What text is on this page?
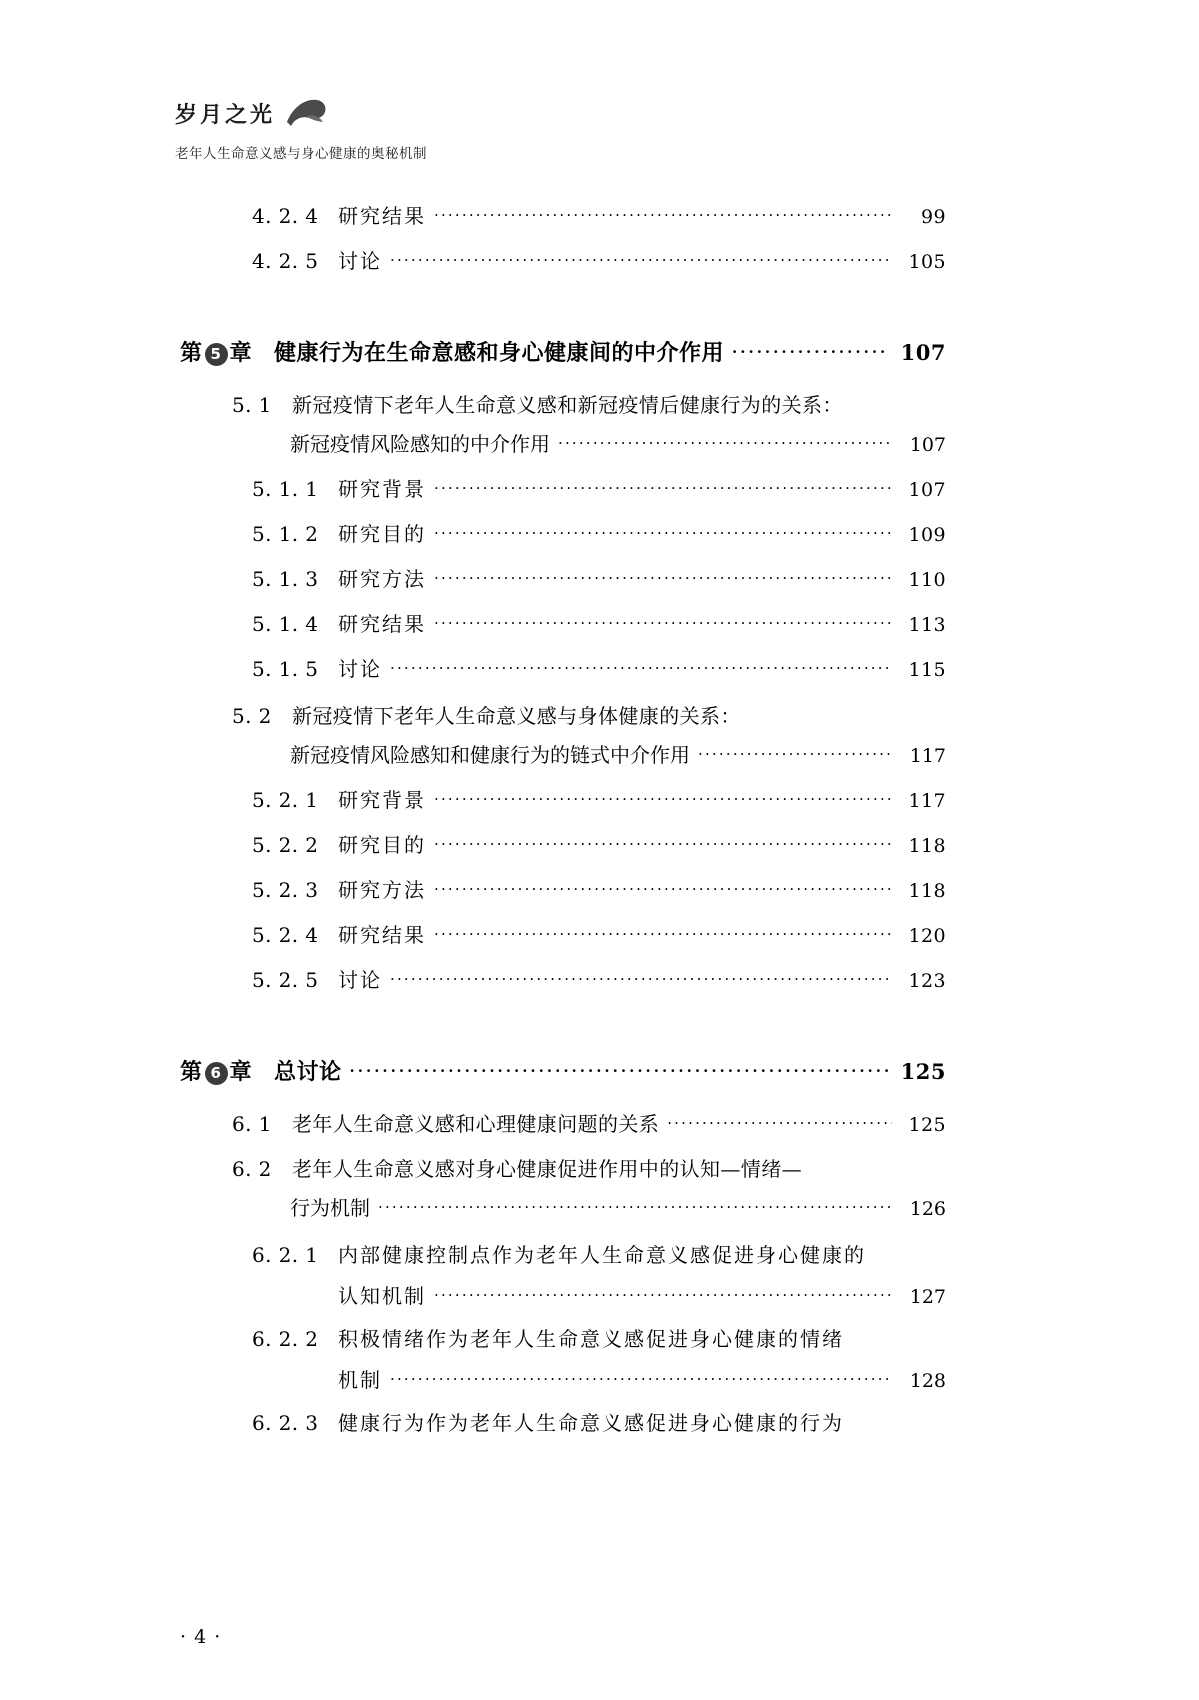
岁月之光
老年人生命意义感与身心健康的奥秘机制
4. 2. 4 研究结果 ·····	99
4. 2. 5 讨论 ·····	105
第 5 章 健康行为在生命意感和身心健康间的中介作用 ·····	107
5. 1	新冠疫情下老年人生命意义感和新冠疫情后健康行为的关系：
新冠疫情风险感知的中介作用 ·····	107
5. 1. 1 研究背景 ·····	107
5. 1. 2 研究目的 ·····	109
5. 1. 3 研究方法 ·····	110
5. 1. 4 研究结果 ·····	113
5. 1. 5 讨论 ·····	115
5. 2	新冠疫情下老年人生命意义感与身体健康的关系：
新冠疫情风险感知和健康行为的链式中介作用 ·····	117
5. 2. 1 研究背景 ·····	117
5. 2. 2 研究目的 ·····	118
5. 2. 3 研究方法 ·····	118
5. 2. 4 研究结果 ·····	120
5. 2. 5 讨论 ·····	123
第 6 章 总讨论 ·····	125
6. 1	老年人生命意义感和心理健康问题的关系 ·····	125
6. 2	老年人生命意义感对身心健康促进作用中的认知—情绪—
行为机制 ·····	126
6. 2. 1 内部健康控制点作为老年人生命意义感促进身心健康的
认知机制 ·····	127
6. 2. 2 积极情绪作为老年人生命意义感促进身心健康的情绪
机制 ·····	128
6. 2. 3 健康行为作为老年人生命意义感促进身心健康的行为
· 4 ·
